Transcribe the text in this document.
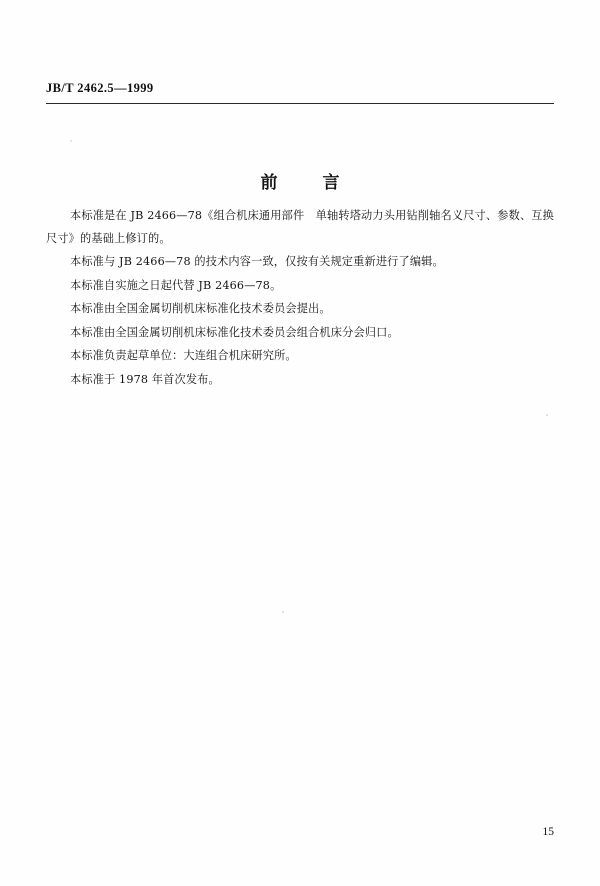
JB/T 2462.5—1999
前　言

本标准是在 JB 2466—78《组合机床通用部件　单轴转塔动力头用钻削轴名义尺寸、参数、互换尺寸》的基础上修订的。

本标准与 JB 2466—78 的技术内容一致，仅按有关规定重新进行了编辑。

本标准自实施之日起代替 JB 2466—78。

本标准由全国金属切削机床标准化技术委员会提出。

本标准由全国金属切削机床标准化技术委员会组合机床分会归口。

本标准负责起草单位：大连组合机床研究所。

本标准于 1978 年首次发布。

15
